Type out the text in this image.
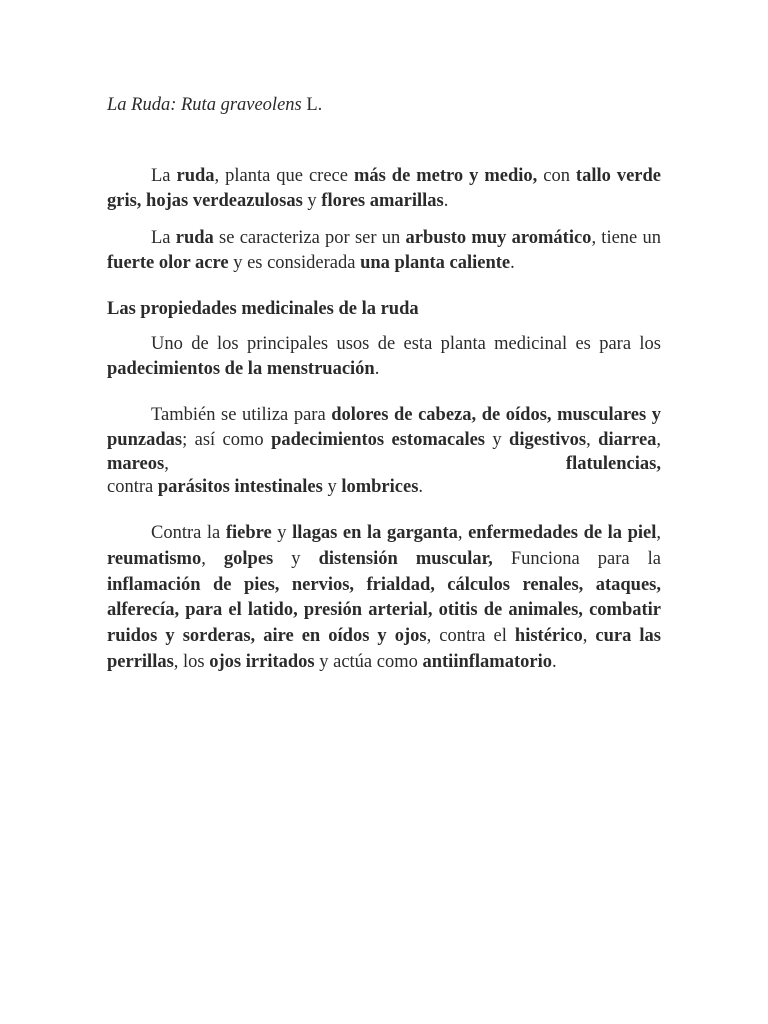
La Ruda: Ruta graveolens L.

La ruda, planta que crece más de metro y medio, con tallo verde gris, hojas verdeazulosas y flores amarillas.

La ruda se caracteriza por ser un arbusto muy aromático, tiene un fuerte olor acre y es considerada una planta caliente.

Las propiedades medicinales de la ruda

Uno de los principales usos de esta planta medicinal es para los padecimientos de la menstruación.

También se utiliza para dolores de cabeza, de oídos, musculares y punzadas; así como padecimientos estomacales y digestivos, diarrea, mareos, flatulencias,

contra parásitos intestinales y lombrices.

Contra la fiebre y llagas en la garganta, enfermedades de la piel, reumatismo, golpes y distensión muscular, Funciona para la inflamación de pies, nervios, frialdad, cálculos renales, ataques, alferecía, para el latido, presión arterial, otitis de animales, combatir ruidos y sorderas, aire en oídos y ojos, contra el histérico, cura las perrillas, los ojos irritados y actúa como antiinflamatorio.
